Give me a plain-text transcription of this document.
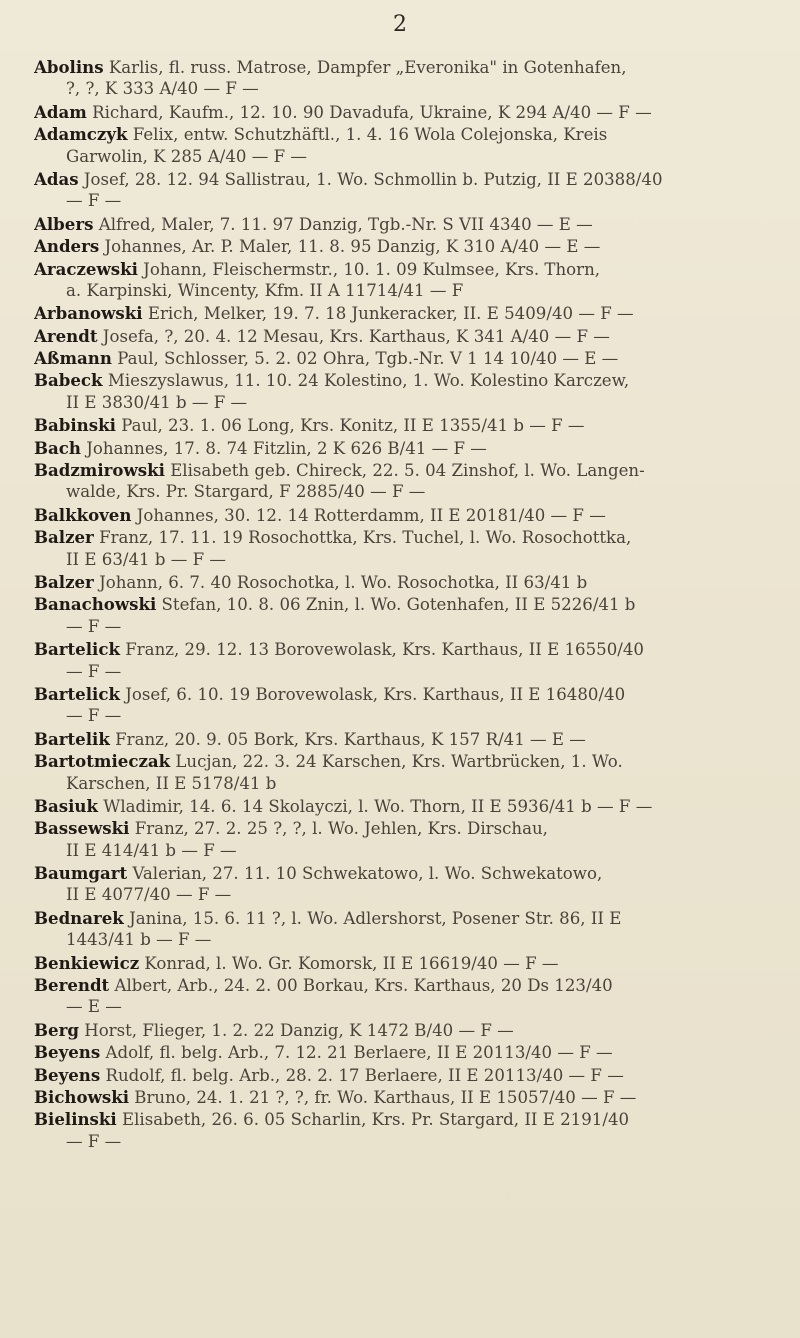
2
Abolins Karlis, fl. russ. Matrose, Dampfer „Everonika" in Gotenhafen,
?, ?, K 333 A/40 — F —
Adam Richard, Kaufm., 12. 10. 90 Davadufa, Ukraine, K 294 A/40 — F —
Adamczyk Felix, entw. Schutzhäftl., 1. 4. 16 Wola Colejonska, Kreis
Garwolin, K 285 A/40 — F —
Adas Josef, 28. 12. 94 Sallistrau, 1. Wo. Schmollin b. Putzig, II E 20388/40
— F —
Albers Alfred, Maler, 7. 11. 97 Danzig, Tgb.-Nr. S VII 4340 — E —
Anders Johannes, Ar. P. Maler, 11. 8. 95 Danzig, K 310 A/40 — E —
Araczewski Johann, Fleischermstr., 10. 1. 09 Kulmsee, Krs. Thorn,
a. Karpinski, Wincenty, Kfm. II A 11714/41 — F
Arbanowski Erich, Melker, 19. 7. 18 Junkeracker, II. E 5409/40 — F —
Arendt Josefa, ?, 20. 4. 12 Mesau, Krs. Karthaus, K 341 A/40 — F —
Aßmann Paul, Schlosser, 5. 2. 02 Ohra, Tgb.-Nr. V 1 14 10/40 — E —
Babeck Mieszyslawus, 11. 10. 24 Kolestino, 1. Wo. Kolestino Karczew,
II E 3830/41 b — F —
Babinski Paul, 23. 1. 06 Long, Krs. Konitz, II E 1355/41 b — F —
Bach Johannes, 17. 8. 74 Fitzlin, 2 K 626 B/41 — F —
Badzmirowski Elisabeth geb. Chireck, 22. 5. 04 Zinshof, l. Wo. Langen-
walde, Krs. Pr. Stargard, F 2885/40 — F —
Balkkoven Johannes, 30. 12. 14 Rotterdamm, II E 20181/40 — F —
Balzer Franz, 17. 11. 19 Rosochottka, Krs. Tuchel, l. Wo. Rosochottka,
II E 63/41 b — F —
Balzer Johann, 6. 7. 40 Rosochotka, l. Wo. Rosochotka, II 63/41 b
Banachowski Stefan, 10. 8. 06 Znin, l. Wo. Gotenhafen, II E 5226/41 b
— F —
Bartelick Franz, 29. 12. 13 Borovewolask, Krs. Karthaus, II E 16550/40
— F —
Bartelick Josef, 6. 10. 19 Borovewolask, Krs. Karthaus, II E 16480/40
— F —
Bartelik Franz, 20. 9. 05 Bork, Krs. Karthaus, K 157 R/41 — E —
Bartotmieczak Lucjan, 22. 3. 24 Karschen, Krs. Wartbrücken, 1. Wo.
Karschen, II E 5178/41 b
Basiuk Wladimir, 14. 6. 14 Skolayczi, l. Wo. Thorn, II E 5936/41 b — F —
Bassewski Franz, 27. 2. 25 ?, ?, l. Wo. Jehlen, Krs. Dirschau,
II E 414/41 b — F —
Baumgart Valerian, 27. 11. 10 Schwekatowo, l. Wo. Schwekatowo,
II E 4077/40 — F —
Bednarek Janina, 15. 6. 11 ?, l. Wo. Adlershorst, Posener Str. 86, II E
1443/41 b — F —
Benkiewicz Konrad, l. Wo. Gr. Komorsk, II E 16619/40 — F —
Berendt Albert, Arb., 24. 2. 00 Borkau, Krs. Karthaus, 20 Ds 123/40
— E —
Berg Horst, Flieger, 1. 2. 22 Danzig, K 1472 B/40 — F —
Beyens Adolf, fl. belg. Arb., 7. 12. 21 Berlaere, II E 20113/40 — F —
Beyens Rudolf, fl. belg. Arb., 28. 2. 17 Berlaere, II E 20113/40 — F —
Bichowski Bruno, 24. 1. 21 ?, ?, fr. Wo. Karthaus, II E 15057/40 — F —
Bielinski Elisabeth, 26. 6. 05 Scharlin, Krs. Pr. Stargard, II E 2191/40
— F —
